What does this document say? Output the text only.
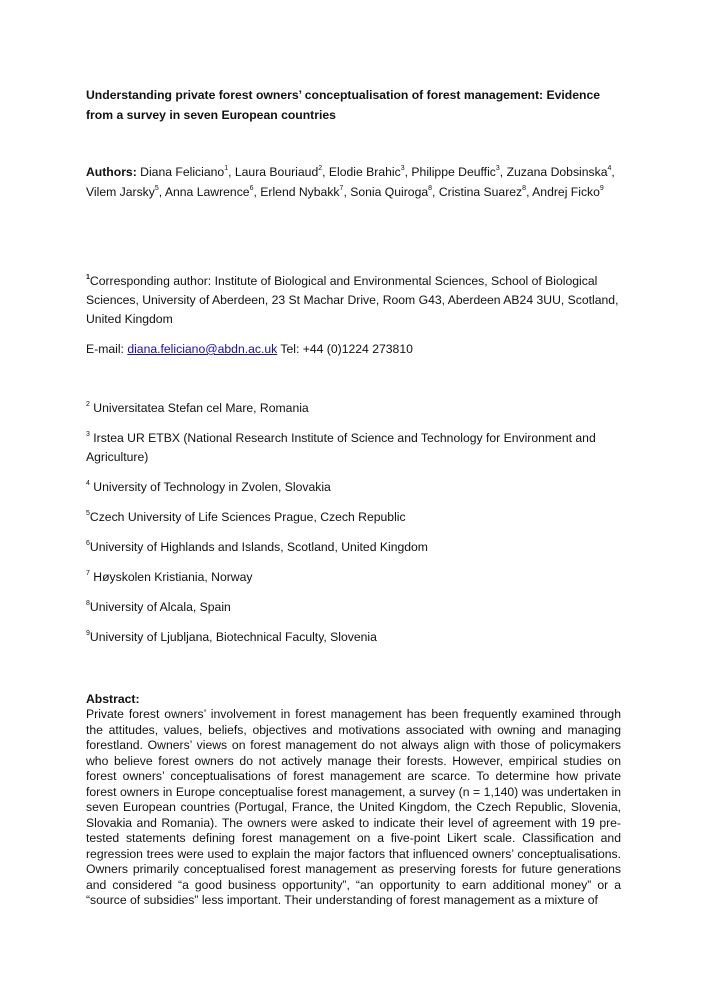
Understanding private forest owners’ conceptualisation of forest management: Evidence from a survey in seven European countries

Authors: Diana Feliciano$^1$, Laura Bouriaud$^2$, Elodie Brahic$^3$, Philippe Deuffic$^3$, Zuzana Dobsinska$^4$, Vilem Jarsky$^5$, Anna Lawrence$^6$, Erlend Nybakk$^7$, Sonia Quiroga$^8$, Cristina Suarez$^8$, Andrej Ficko$^9$

$^1$Corresponding author: Institute of Biological and Environmental Sciences, School of Biological Sciences, University of Aberdeen, 23 St Machar Drive, Room G43, Aberdeen AB24 3UU, Scotland, United Kingdom

E-mail: diana.feliciano@abdn.ac.uk Tel: +44 (0)1224 273810

$^2$ Universitatea Stefan cel Mare, Romania

$^3$ Irstea UR ETBX (National Research Institute of Science and Technology for Environment and Agriculture)

$^4$ University of Technology in Zvolen, Slovakia

$^5$Czech University of Life Sciences Prague, Czech Republic

$^6$University of Highlands and Islands, Scotland, United Kingdom

$^7$ Høyskolen Kristiania, Norway

$^8$University of Alcala, Spain

$^9$University of Ljubljana, Biotechnical Faculty, Slovenia

Abstract:

Private forest owners’ involvement in forest management has been frequently examined through the attitudes, values, beliefs, objectives and motivations associated with owning and managing forestland. Owners’ views on forest management do not always align with those of policymakers who believe forest owners do not actively manage their forests. However, empirical studies on forest owners’ conceptualisations of forest management are scarce. To determine how private forest owners in Europe conceptualise forest management, a survey (n = 1,140) was undertaken in seven European countries (Portugal, France, the United Kingdom, the Czech Republic, Slovenia, Slovakia and Romania). The owners were asked to indicate their level of agreement with 19 pre-tested statements defining forest management on a five-point Likert scale. Classification and regression trees were used to explain the major factors that influenced owners’ conceptualisations. Owners primarily conceptualised forest management as preserving forests for future generations and considered “a good business opportunity”, “an opportunity to earn additional money” or a “source of subsidies” less important. Their understanding of forest management as a mixture of
